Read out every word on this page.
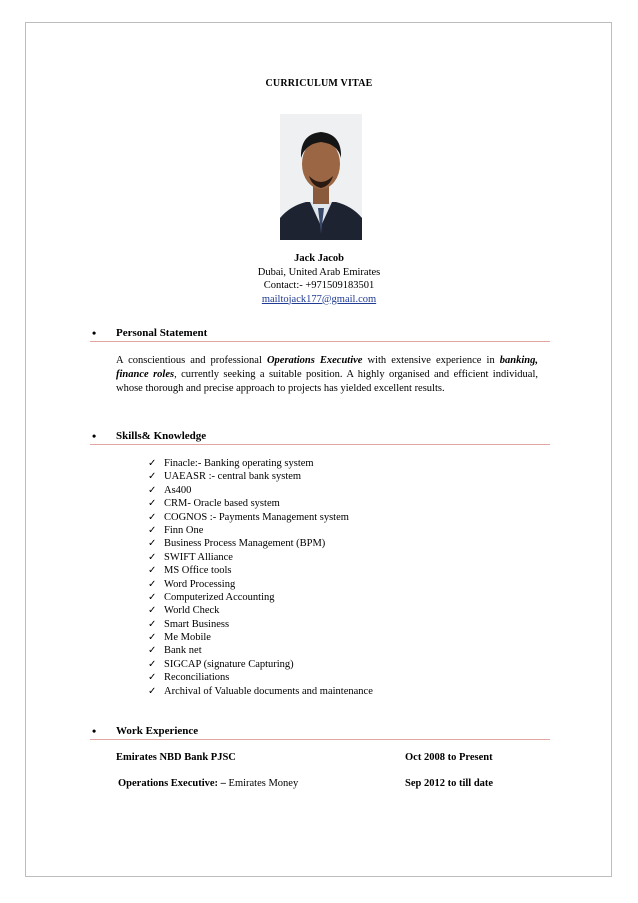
CURRICULUM VITAE
Jack Jacob
Dubai, United Arab Emirates
Contact:- +971509183501
mailtojack177@gmail.com
• Personal Statement
A conscientious and professional Operations Executive with extensive experience in banking, finance roles, currently seeking a suitable position. A highly organised and efficient individual, whose thorough and precise approach to projects has yielded excellent results.
• Skills& Knowledge
✓ Finacle:- Banking operating system
✓ UAEASR :- central bank system
✓ As400
✓ CRM- Oracle based system
✓ COGNOS :- Payments Management system
✓ Finn One
✓ Business Process Management (BPM)
✓ SWIFT Alliance
✓ MS Office tools
✓ Word Processing
✓ Computerized Accounting
✓ World Check
✓ Smart Business
✓ Me Mobile
✓ Bank net
✓ SIGCAP (signature Capturing)
✓ Reconciliations
✓ Archival of Valuable documents and maintenance
• Work Experience
Emirates NBD Bank PJSC	Oct 2008 to Present
Operations Executive: – Emirates Money	Sep 2012 to till date
